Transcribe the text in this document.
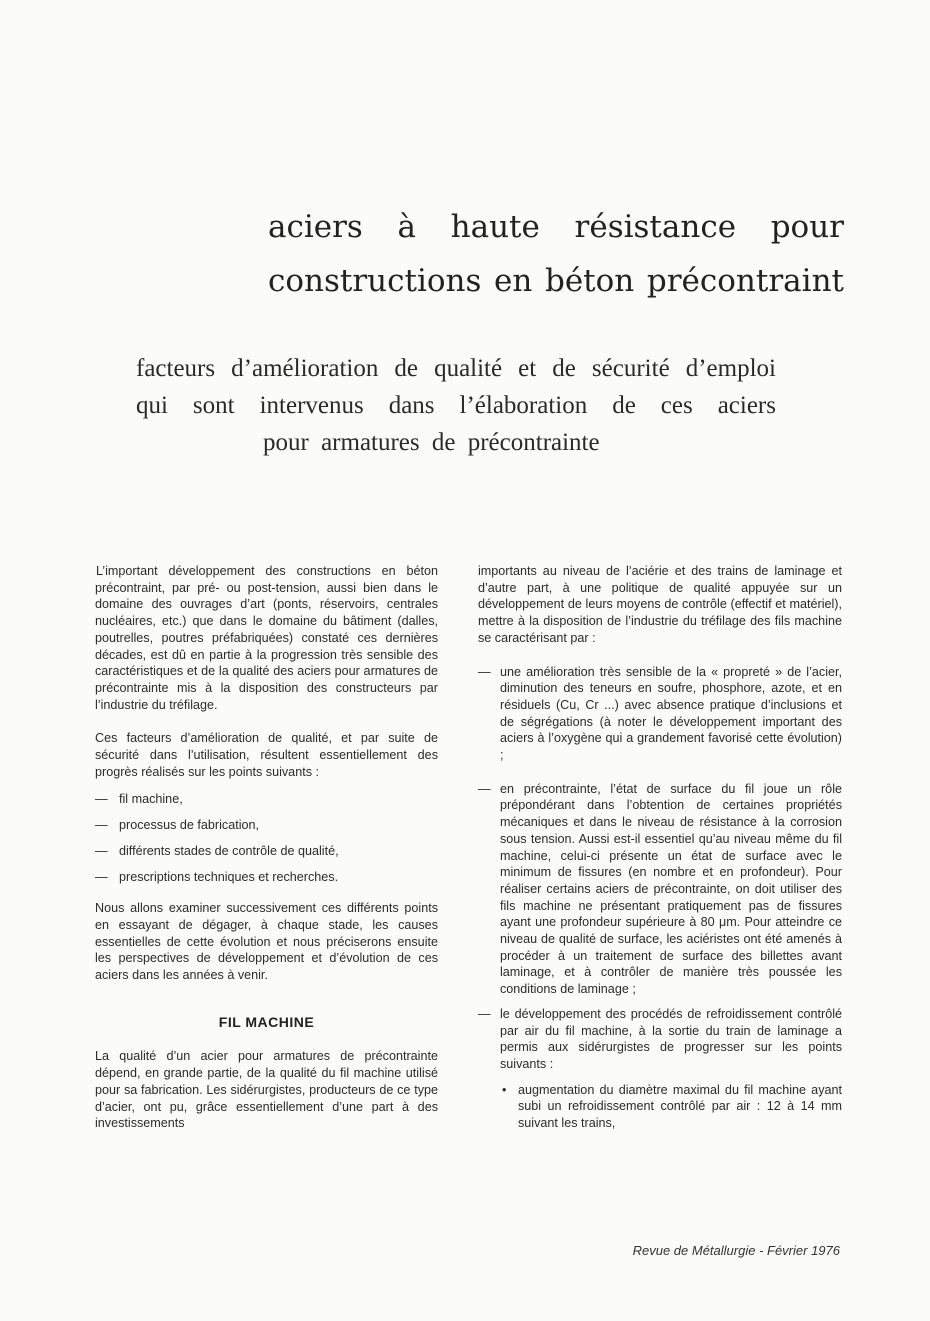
aciers à haute résistance pour
constructions en béton précontraint
facteurs d’amélioration de qualité et de sécurité d’emploi
qui sont intervenus dans l’élaboration de ces aciers
pour armatures de précontrainte

L’important développement des constructions en béton précontraint, par pré- ou post-tension, aussi bien dans le domaine des ouvrages d’art (ponts, réservoirs, centrales nucléaires, etc.) que dans le domaine du bâtiment (dalles, poutrelles, poutres préfabriquées) constaté ces dernières décades, est dû en partie à la progression très sensible des caractéristiques et de la qualité des aciers pour armatures de précontrainte mis à la disposition des constructeurs par l’industrie du tréfilage.

Ces facteurs d’amélioration de qualité, et par suite de sécurité dans l’utilisation, résultent essentiellement des progrès réalisés sur les points suivants :

— fil machine,
— processus de fabrication,
— différents stades de contrôle de qualité,
— prescriptions techniques et recherches.

Nous allons examiner successivement ces différents points en essayant de dégager, à chaque stade, les causes essentielles de cette évolution et nous préciserons ensuite les perspectives de développement et d’évolution de ces aciers dans les années à venir.

FIL MACHINE

La qualité d’un acier pour armatures de précontrainte dépend, en grande partie, de la qualité du fil machine utilisé pour sa fabrication. Les sidérurgistes, producteurs de ce type d’acier, ont pu, grâce essentiellement d’une part à des investissements

importants au niveau de l’aciérie et des trains de laminage et d’autre part, à une politique de qualité appuyée sur un développement de leurs moyens de contrôle (effectif et matériel), mettre à la disposition de l’industrie du tréfilage des fils machine se caractérisant par :

— une amélioration très sensible de la « propreté » de l’acier, diminution des teneurs en soufre, phosphore, azote, et en résiduels (Cu, Cr ...) avec absence pratique d’inclusions et de ségrégations (à noter le développement important des aciers à l’oxygène qui a grandement favorisé cette évolution) ;
— en précontrainte, l’état de surface du fil joue un rôle prépondérant dans l’obtention de certaines propriétés mécaniques et dans le niveau de résistance à la corrosion sous tension. Aussi est-il essentiel qu’au niveau même du fil machine, celui-ci présente un état de surface avec le minimum de fissures (en nombre et en profondeur). Pour réaliser certains aciers de précontrainte, on doit utiliser des fils machine ne présentant pratiquement pas de fissures ayant une profondeur supérieure à 80 μm. Pour atteindre ce niveau de qualité de surface, les aciéristes ont été amenés à procéder à un traitement de surface des billettes avant laminage, et à contrôler de manière très poussée les conditions de laminage ;
— le développement des procédés de refroidissement contrôlé par air du fil machine, à la sortie du train de laminage a permis aux sidérurgistes de progresser sur les points suivants :
• augmentation du diamètre maximal du fil machine ayant subi un refroidissement contrôlé par air : 12 à 14 mm suivant les trains,
Revue de Métallurgie - Février 1976
